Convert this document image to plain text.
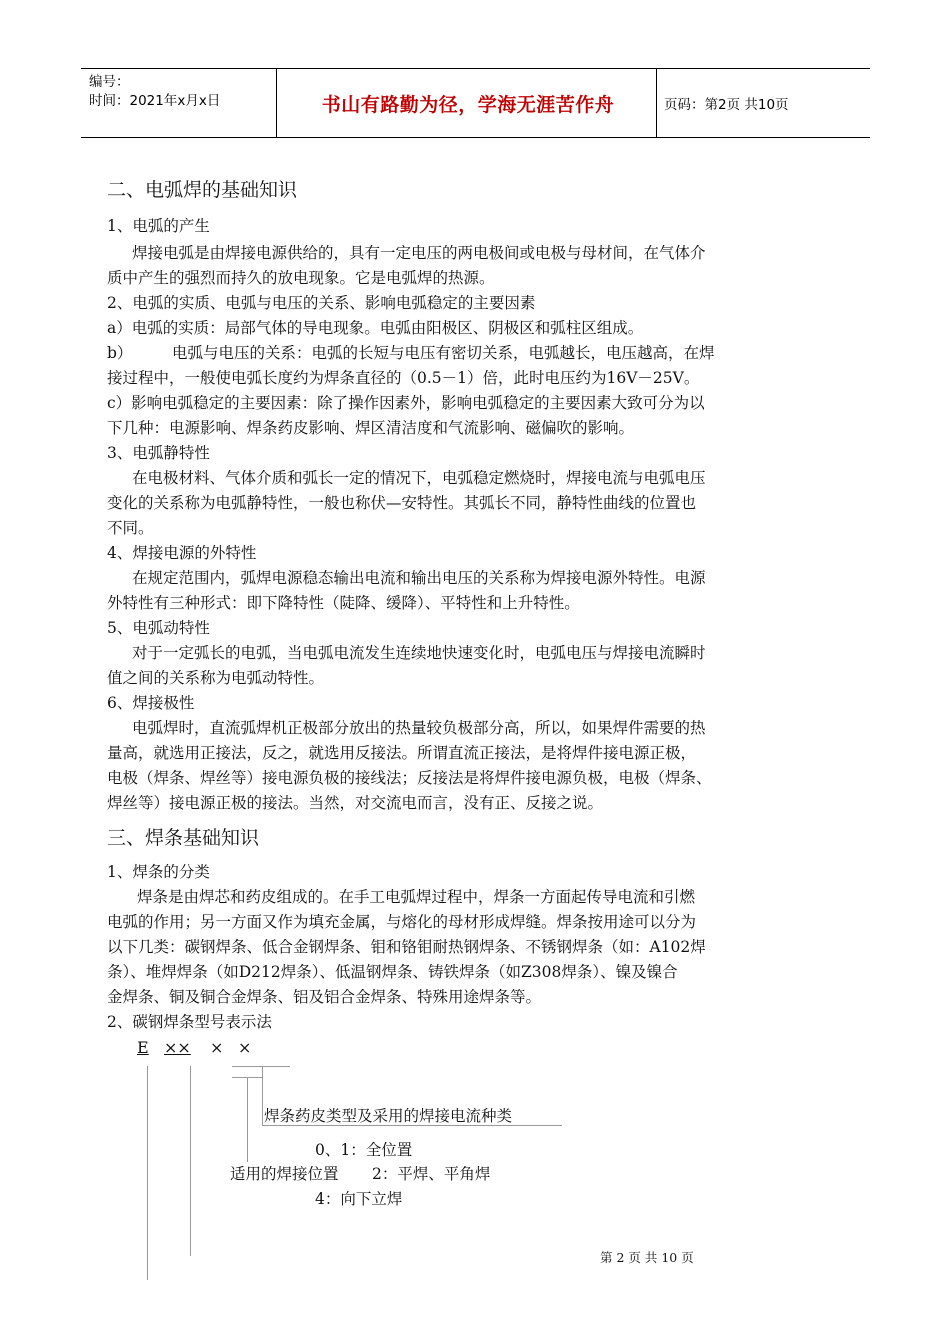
编号：
时间：2021年x月x日	书山有路勤为径，学海无涯苦作舟	页码：第2页 共10页
二、电弧焊的基础知识
1、电弧的产生
焊接电弧是由焊接电源供给的，具有一定电压的两电极间或电极与母材间，在气体介
质中产生的强烈而持久的放电现象。它是电弧焊的热源。
2、电弧的实质、电弧与电压的关系、影响电弧稳定的主要因素
a）电弧的实质：局部气体的导电现象。电弧由阳极区、阴极区和弧柱区组成。
b）	电弧与电压的关系：电弧的长短与电压有密切关系，电弧越长，电压越高，在焊
接过程中，一般使电弧长度约为焊条直径的（0.5－1）倍，此时电压约为16V－25V。
c）影响电弧稳定的主要因素：除了操作因素外，影响电弧稳定的主要因素大致可分为以
下几种：电源影响、焊条药皮影响、焊区清洁度和气流影响、磁偏吹的影响。
3、电弧静特性
在电极材料、气体介质和弧长一定的情况下，电弧稳定燃烧时，焊接电流与电弧电压
变化的关系称为电弧静特性，一般也称伏—安特性。其弧长不同，静特性曲线的位置也
不同。
4、焊接电源的外特性
在规定范围内，弧焊电源稳态输出电流和输出电压的关系称为焊接电源外特性。电源
外特性有三种形式：即下降特性（陡降、缓降）、平特性和上升特性。
5、电弧动特性
对于一定弧长的电弧，当电弧电流发生连续地快速变化时，电弧电压与焊接电流瞬时
值之间的关系称为电弧动特性。
6、焊接极性
电弧焊时，直流弧焊机正极部分放出的热量较负极部分高，所以，如果焊件需要的热
量高，就选用正接法，反之，就选用反接法。所谓直流正接法，是将焊件接电源正极，
电极（焊条、焊丝等）接电源负极的接线法；反接法是将焊件接电源负极，电极（焊条、
焊丝等）接电源正极的接法。当然，对交流电而言，没有正、反接之说。
三、焊条基础知识
1、焊条的分类
焊条是由焊芯和药皮组成的。在手工电弧焊过程中，焊条一方面起传导电流和引燃
电弧的作用；另一方面又作为填充金属，与熔化的母材形成焊缝。焊条按用途可以分为
以下几类：碳钢焊条、低合金钢焊条、钼和铬钼耐热钢焊条、不锈钢焊条（如：A102焊
条）、堆焊焊条（如D212焊条）、低温钢焊条、铸铁焊条（如Z308焊条）、镍及镍合
金焊条、铜及铜合金焊条、铝及铝合金焊条、特殊用途焊条等。
2、碳钢焊条型号表示法
E ×× × ×
焊条药皮类型及采用的焊接电流种类
0、1：全位置
适用的焊接位置 2：平焊、平角焊
4：向下立焊
第 2 页 共 10 页
